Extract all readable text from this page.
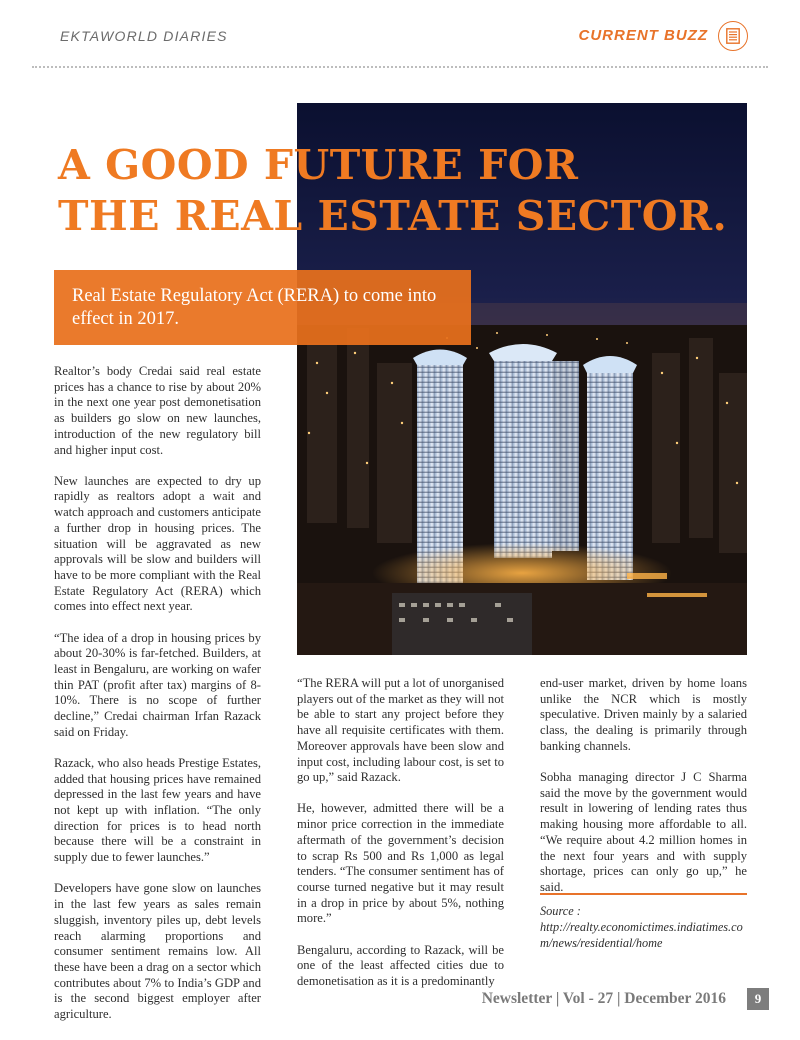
EKTAWORLD DIARIES	CURRENT BUZZ
A GOOD FUTURE FOR
THE REAL ESTATE SECTOR.
Real Estate Regulatory Act (RERA) to come into effect in 2017.

Realtor’s body Credai said real estate prices has a chance to rise by about 20% in the next one year post demonetisation as builders go slow on new launches, introduction of the new regulatory bill and higher input cost.

New launches are expected to dry up rapidly as realtors adopt a wait and watch approach and customers anticipate a further drop in housing prices. The situation will be aggravated as new approvals will be slow and builders will have to be more compliant with the Real Estate Regulatory Act (RERA) which comes into effect next year.

“The idea of a drop in housing prices by about 20-30% is far-fetched. Builders, at least in Bengaluru, are working on wafer thin PAT (profit after tax) margins of 8-10%. There is no scope of further decline,” Credai chairman Irfan Razack said on Friday.

Razack, who also heads Prestige Estates, added that housing prices have remained depressed in the last few years and have not kept up with inflation. “The only direction for prices is to head north because there will be a constraint in supply due to fewer launches.”

Developers have gone slow on launches in the last few years as sales remain sluggish, inventory piles up, debt levels reach alarming proportions and consumer sentiment remains low. All these have been a drag on a sector which contributes about 7% to India’s GDP and is the second biggest employer after agriculture.

“The RERA will put a lot of unorganised players out of the market as they will not be able to start any project before they have all requisite certificates with them. Moreover approvals have been slow and input cost, including labour cost, is set to go up,” said Razack.

He, however, admitted there will be a minor price correction in the immediate aftermath of the government’s decision to scrap Rs 500 and Rs 1,000 as legal tenders. “The consumer sentiment has of course turned negative but it may result in a drop in price by about 5%, nothing more.”

Bengaluru, according to Razack, will be one of the least affected cities due to demonetisation as it is a predominantly

end-user market, driven by home loans unlike the NCR which is mostly speculative. Driven mainly by a salaried class, the dealing is primarily through banking channels.

Sobha managing director J C Sharma said the move by the government would result in lowering of lending rates thus making housing more affordable to all. “We require about 4.2 million homes in the next four years and with supply shortage, prices can only go up,” he said.

Source :
http://realty.economictimes.indiatimes.com/news/residential/home
Newsletter | Vol - 27 | December 2016	9
